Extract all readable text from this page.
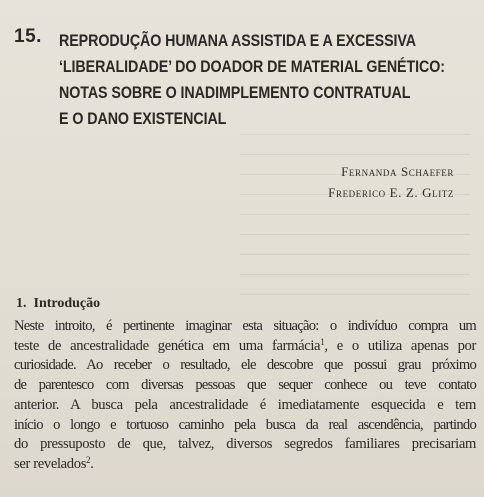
15. REPRODUÇÃO HUMANA ASSISTIDA E A EXCESSIVA
‘LIBERALIDADE’ DO DOADOR DE MATERIAL GENÉTICO:
NOTAS SOBRE O INADIMPLEMENTO CONTRATUAL
E O DANO EXISTENCIAL
Fernanda Schaefer
Frederico E. Z. Glitz
1. Introdução
Neste introito, é pertinente imaginar esta situação: o indivíduo compra um
teste de ancestralidade genética em uma farmácia$^1$, e o utiliza apenas por
curiosidade. Ao receber o resultado, ele descobre que possui grau próximo
de parentesco com diversas pessoas que sequer conhece ou teve contato
anterior. A busca pela ancestralidade é imediatamente esquecida e tem
início o longo e tortuoso caminho pela busca da real ascendência, partindo
do pressuposto de que, talvez, diversos segredos familiares precisariam
ser revelados$^2$.
